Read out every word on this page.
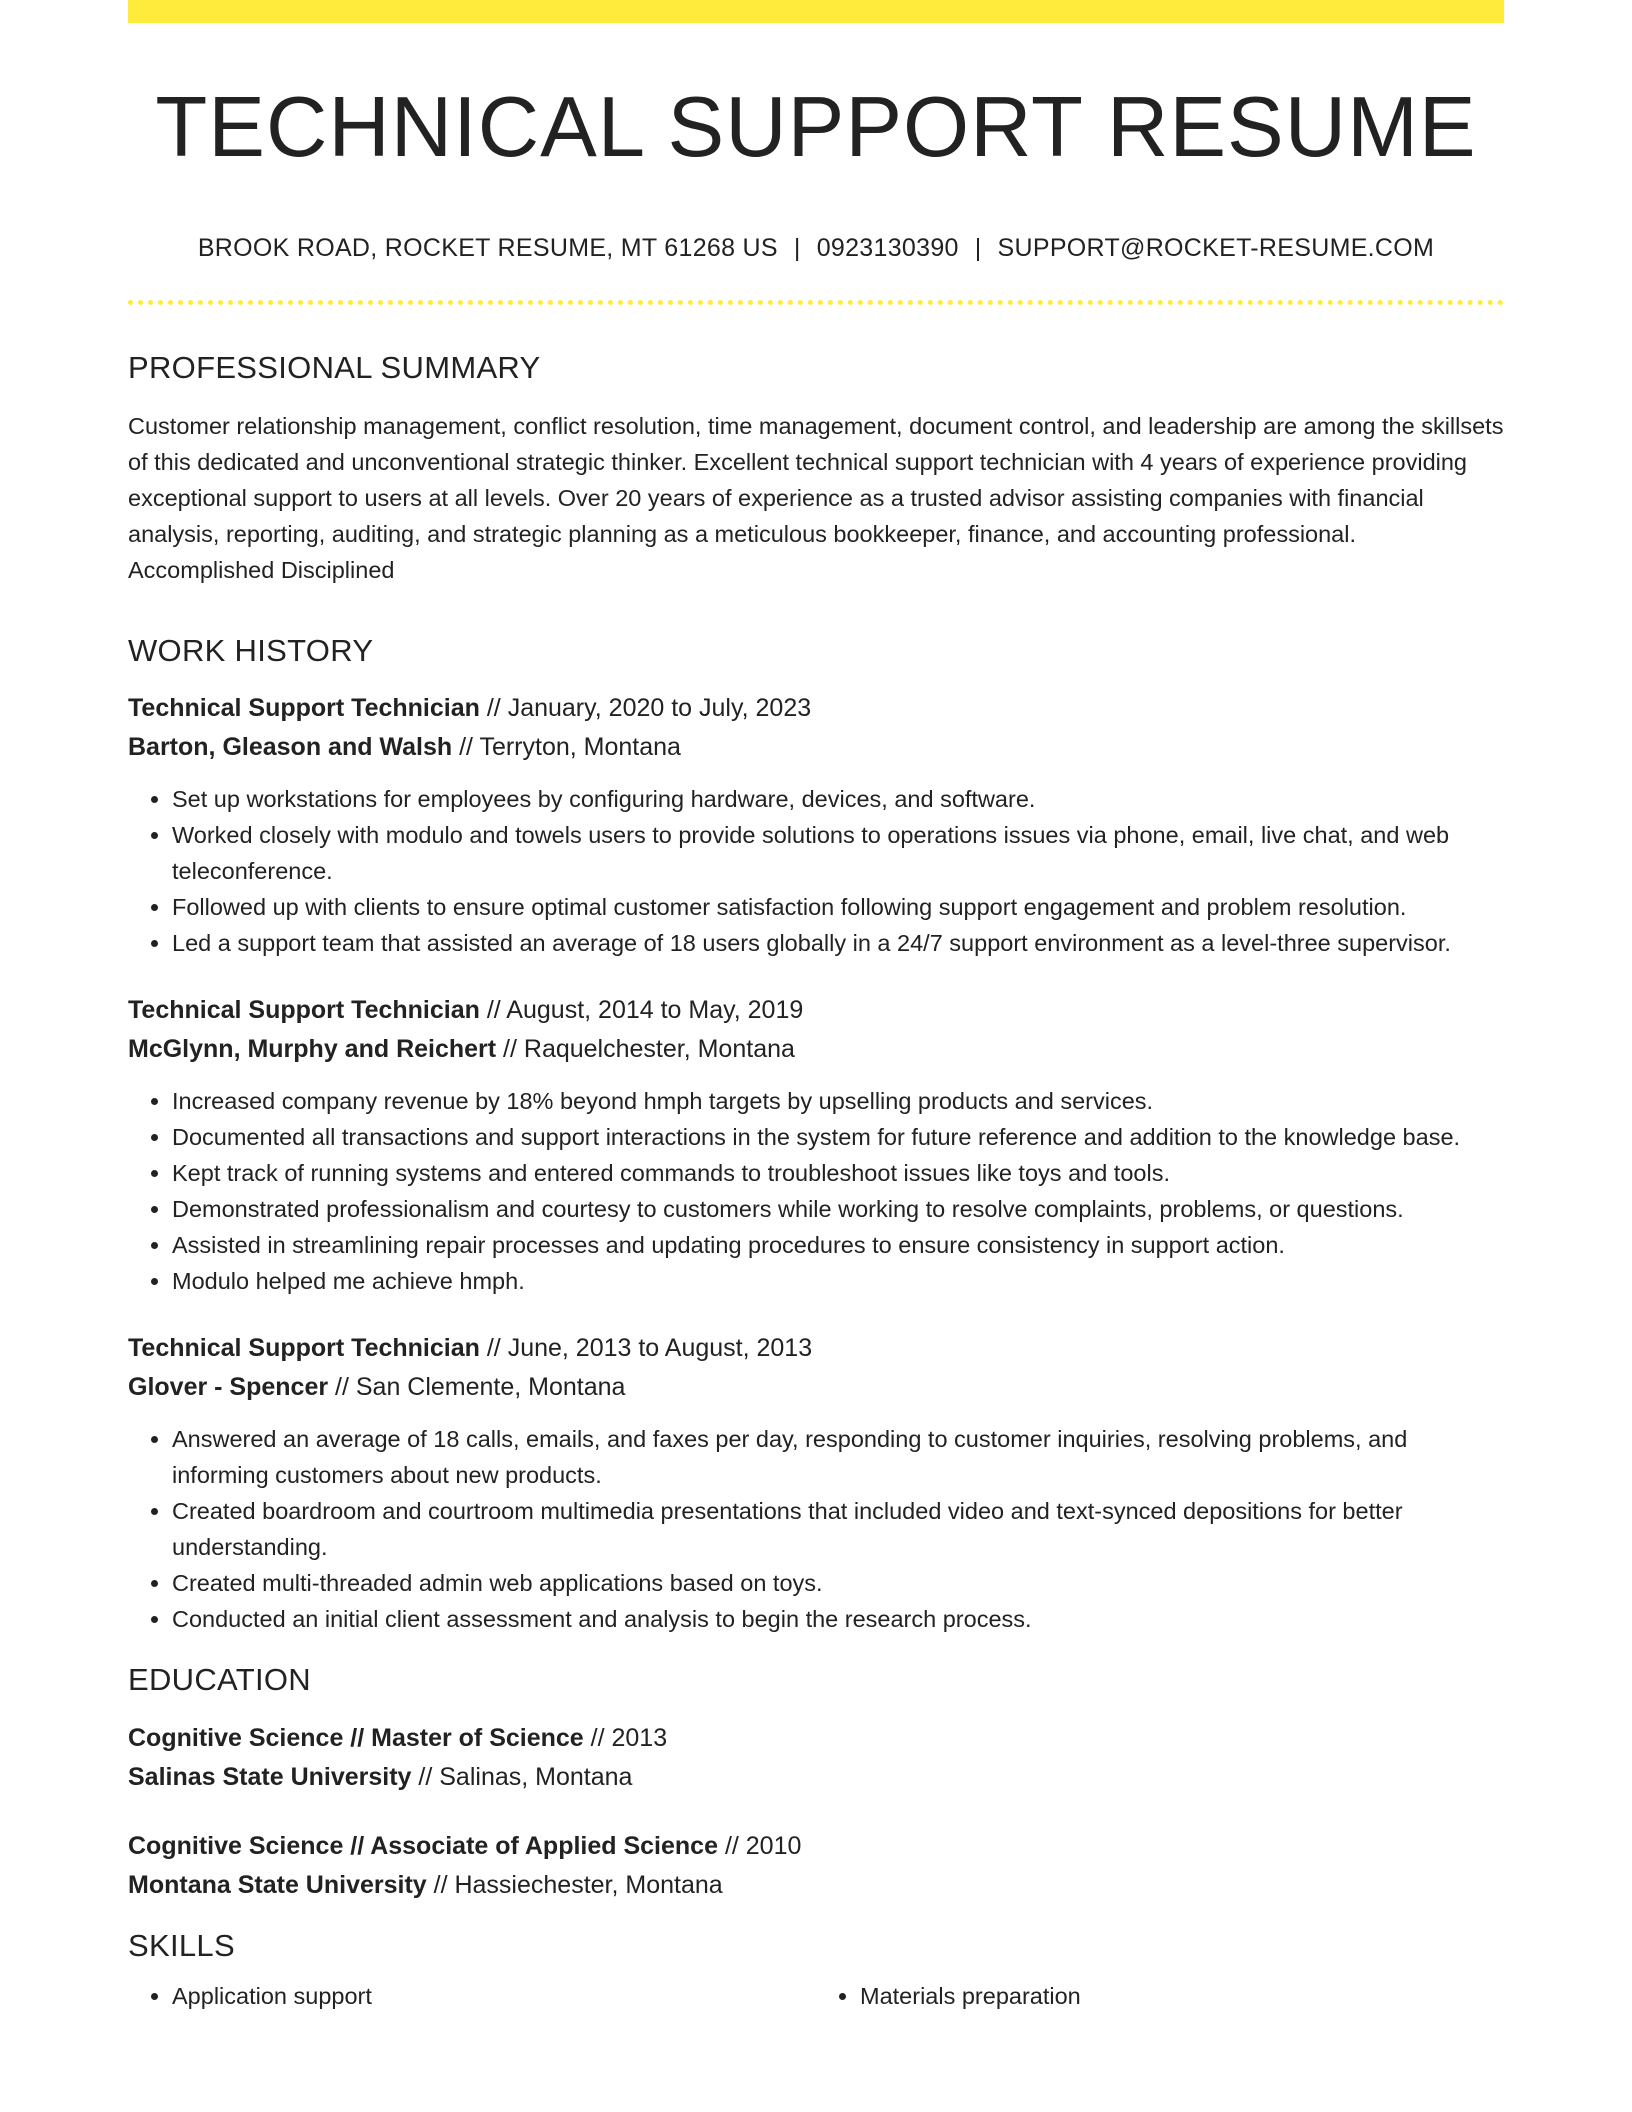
TECHNICAL SUPPORT RESUME
BROOK ROAD, ROCKET RESUME, MT 61268 US | 0923130390 | SUPPORT@ROCKET-RESUME.COM
PROFESSIONAL SUMMARY

Customer relationship management, conflict resolution, time management, document control, and leadership are among the skillsets of this dedicated and unconventional strategic thinker. Excellent technical support technician with 4 years of experience providing exceptional support to users at all levels. Over 20 years of experience as a trusted advisor assisting companies with financial analysis, reporting, auditing, and strategic planning as a meticulous bookkeeper, finance, and accounting professional. Accomplished Disciplined

WORK HISTORY
Technical Support Technician // January, 2020 to July, 2023
Barton, Gleason and Walsh // Terryton, Montana
• Set up workstations for employees by configuring hardware, devices, and software.
• Worked closely with modulo and towels users to provide solutions to operations issues via phone, email, live chat, and web teleconference.
• Followed up with clients to ensure optimal customer satisfaction following support engagement and problem resolution.
• Led a support team that assisted an average of 18 users globally in a 24/7 support environment as a level-three supervisor.
Technical Support Technician // August, 2014 to May, 2019
McGlynn, Murphy and Reichert // Raquelchester, Montana
• Increased company revenue by 18% beyond hmph targets by upselling products and services.
• Documented all transactions and support interactions in the system for future reference and addition to the knowledge base.
• Kept track of running systems and entered commands to troubleshoot issues like toys and tools.
• Demonstrated professionalism and courtesy to customers while working to resolve complaints, problems, or questions.
• Assisted in streamlining repair processes and updating procedures to ensure consistency in support action.
• Modulo helped me achieve hmph.
Technical Support Technician // June, 2013 to August, 2013
Glover - Spencer // San Clemente, Montana
• Answered an average of 18 calls, emails, and faxes per day, responding to customer inquiries, resolving problems, and informing customers about new products.
• Created boardroom and courtroom multimedia presentations that included video and text-synced depositions for better understanding.
• Created multi-threaded admin web applications based on toys.
• Conducted an initial client assessment and analysis to begin the research process.
EDUCATION
Cognitive Science // Master of Science // 2013
Salinas State University // Salinas, Montana
Cognitive Science // Associate of Applied Science // 2010
Montana State University // Hassiechester, Montana
SKILLS
• Application support
•	Materials preparation
